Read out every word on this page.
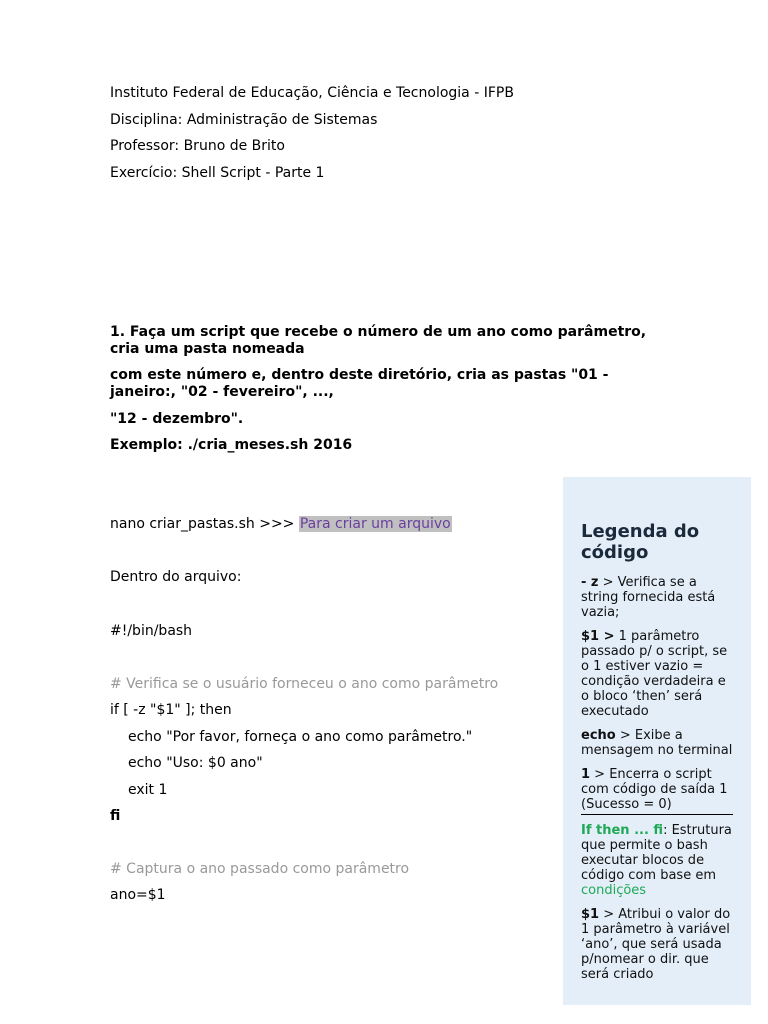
Instituto Federal de Educação, Ciência e Tecnologia - IFPB
Disciplina: Administração de Sistemas
Professor: Bruno de Brito
Exercício: Shell Script - Parte 1
1. Faça um script que recebe o número de um ano como parâmetro, cria uma pasta nomeada
com este número e, dentro deste diretório, cria as pastas "01 - janeiro:, "02 - fevereiro", ...,
"12 - dezembro".
Exemplo: ./cria_meses.sh 2016
nano criar_pastas.sh >>> Para criar um arquivo
Dentro do arquivo:
#!/bin/bash
# Verifica se o usuário forneceu o ano como parâmetro
if [ -z "$1" ]; then
echo "Por favor, forneça o ano como parâmetro."
echo "Uso: $0 ano"
exit 1
fi
# Captura o ano passado como parâmetro
ano=$1
Legenda do código
- z > Verifica se a string fornecida está vazia;
$1 > 1 parâmetro passado p/ o script, se o 1 estiver vazio = condição verdadeira e o bloco ‘then’ será executado
echo > Exibe a mensagem no terminal
1 > Encerra o script com código de saída 1 (Sucesso = 0)
If then ... fi: Estrutura que permite o bash executar blocos de código com base em condições
$1 > Atribui o valor do 1 parâmetro à variável ‘ano’, que será usada p/nomear o dir. que será criado
